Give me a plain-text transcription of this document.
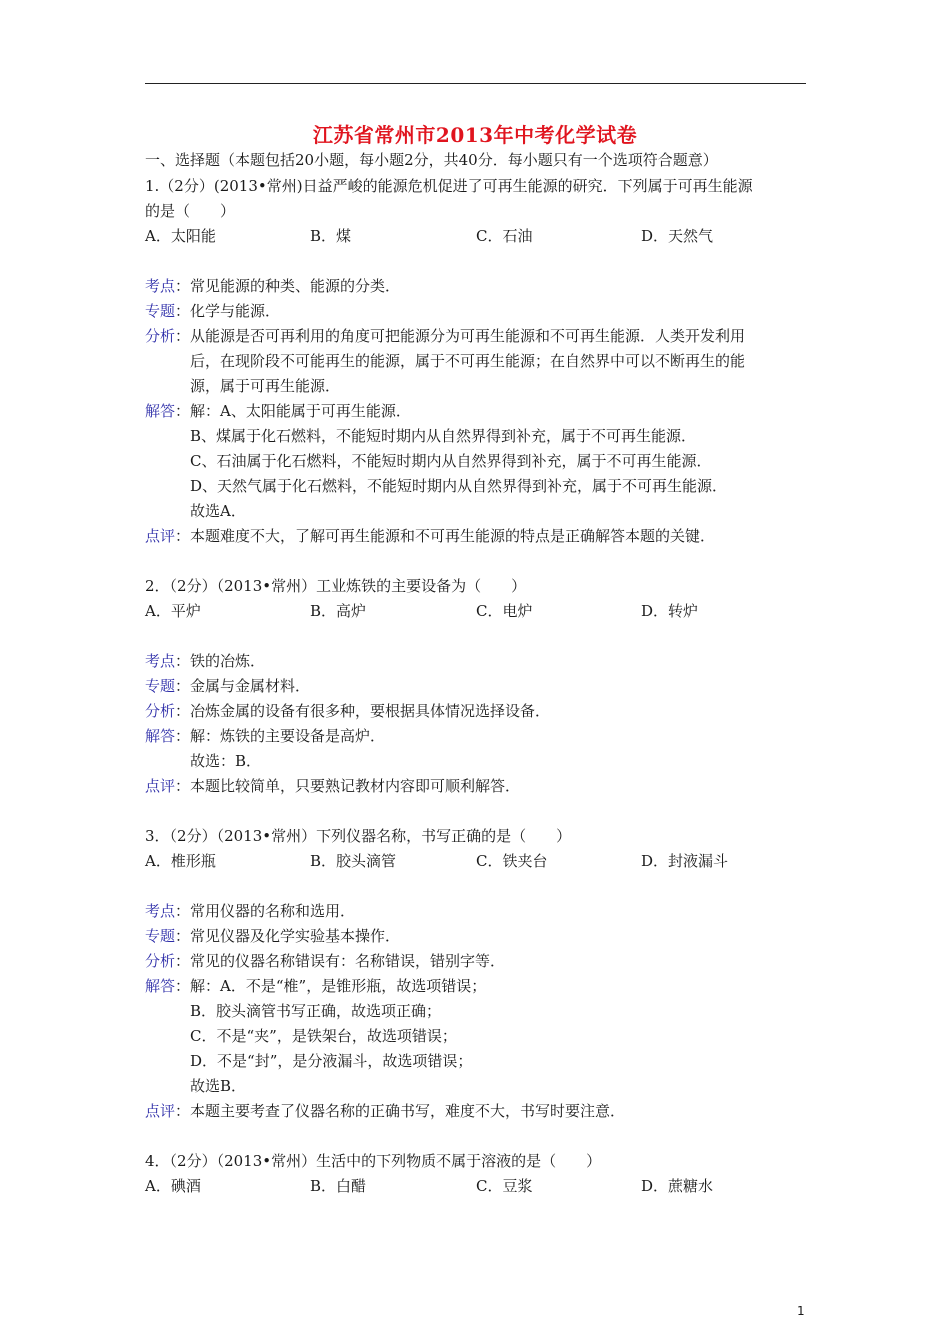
江苏省常州市2013年中考化学试卷
一、选择题（本题包括20小题，每小题2分，共40分．每小题只有一个选项符合题意）
1.（2分）(2013•常州)日益严峻的能源危机促进了可再生能源的研究．下列属于可再生能源
的是（　　）
A．太阳能	B．煤	C．石油	D．天然气
考点：常见能源的种类、能源的分类．
专题：化学与能源．
分析：从能源是否可再利用的角度可把能源分为可再生能源和不可再生能源．人类开发利用
后，在现阶段不可能再生的能源，属于不可再生能源；在自然界中可以不断再生的能
源，属于可再生能源．
解答：解：A、太阳能属于可再生能源．
B、煤属于化石燃料，不能短时期内从自然界得到补充，属于不可再生能源．
C、石油属于化石燃料，不能短时期内从自然界得到补充，属于不可再生能源．
D、天然气属于化石燃料，不能短时期内从自然界得到补充，属于不可再生能源．
故选A．
点评：本题难度不大，了解可再生能源和不可再生能源的特点是正确解答本题的关键．
2．（2分）（2013•常州）工业炼铁的主要设备为（　　）
A．平炉	B．高炉	C．电炉	D．转炉
考点：铁的冶炼．
专题：金属与金属材料．
分析：冶炼金属的设备有很多种，要根据具体情况选择设备．
解答：解：炼铁的主要设备是高炉．
故选：B．
点评：本题比较简单，只要熟记教材内容即可顺利解答．
3．（2分）（2013•常州）下列仪器名称，书写正确的是（　　）
A．椎形瓶	B．胶头滴管	C．铁夹台	D．封液漏斗
考点：常用仪器的名称和选用．
专题：常见仪器及化学实验基本操作．
分析：常见的仪器名称错误有：名称错误，错别字等．
解答：解：A．不是“椎”，是锥形瓶，故选项错误；
B．胶头滴管书写正确，故选项正确；
C．不是“夹”，是铁架台，故选项错误；
D．不是“封”，是分液漏斗，故选项错误；
故选B．
点评：本题主要考查了仪器名称的正确书写，难度不大，书写时要注意．
4．（2分）（2013•常州）生活中的下列物质不属于溶液的是（　　）
A．碘酒	B．白醋	C．豆浆	D．蔗糖水
1
